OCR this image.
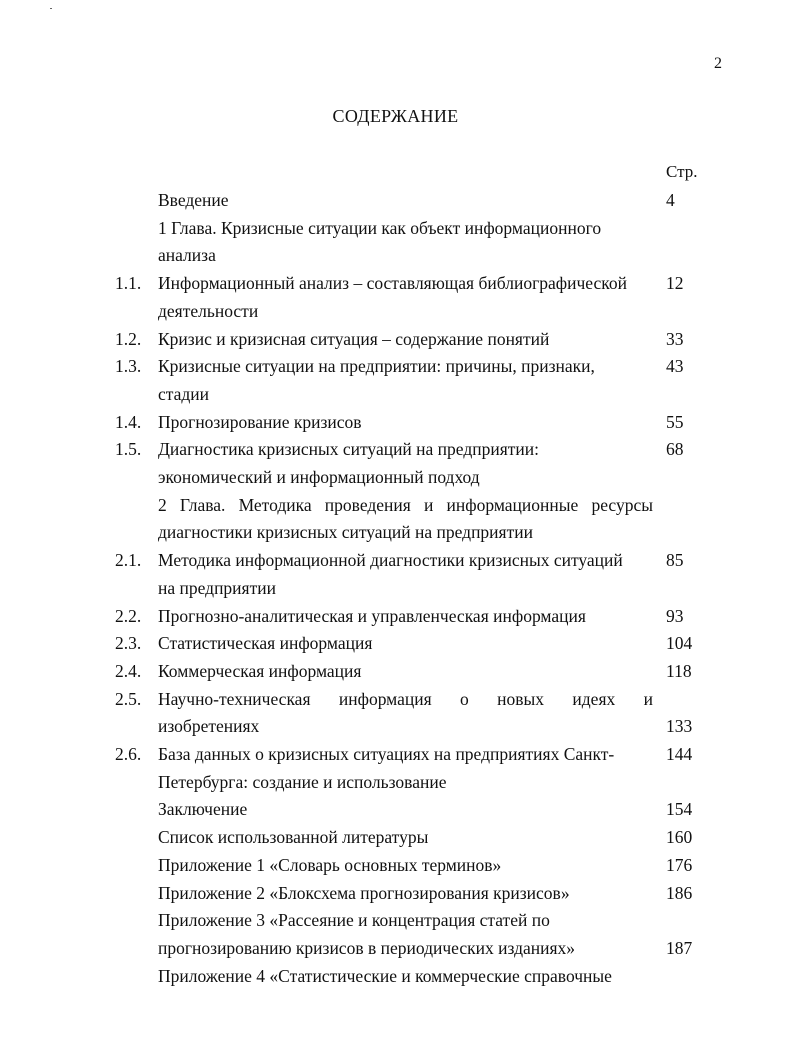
2
СОДЕРЖАНИЕ
Стр.
Введение	4
1 Глава. Кризисные ситуации как объект информационного
анализа
1.1. Информационный анализ – составляющая библиографической	12
деятельности
1.2. Кризис и кризисная ситуация – содержание понятий	33
1.3. Кризисные ситуации на предприятии: причины, признаки,	43
стадии
1.4. Прогнозирование кризисов	55
1.5. Диагностика кризисных ситуаций на предприятии:	68
экономический и информационный подход
2 Глава. Методика проведения и информационные ресурсы
диагностики кризисных ситуаций на предприятии
2.1. Методика информационной диагностики кризисных ситуаций	85
на предприятии
2.2. Прогнозно-аналитическая и управленческая информация	93
2.3. Статистическая информация	104
2.4. Коммерческая информация	118
2.5. Научно-техническая информация о новых идеях и
изобретениях	133
2.6. База данных о кризисных ситуациях на предприятиях Санкт-	144
Петербурга: создание и использование
Заключение	154
Список использованной литературы	160
Приложение 1 «Словарь основных терминов»	176
Приложение 2 «Блоксхема прогнозирования кризисов»	186
Приложение 3 «Рассеяние и концентрация статей по
прогнозированию кризисов в периодических изданиях»	187
Приложение 4 «Статистические и коммерческие справочные
